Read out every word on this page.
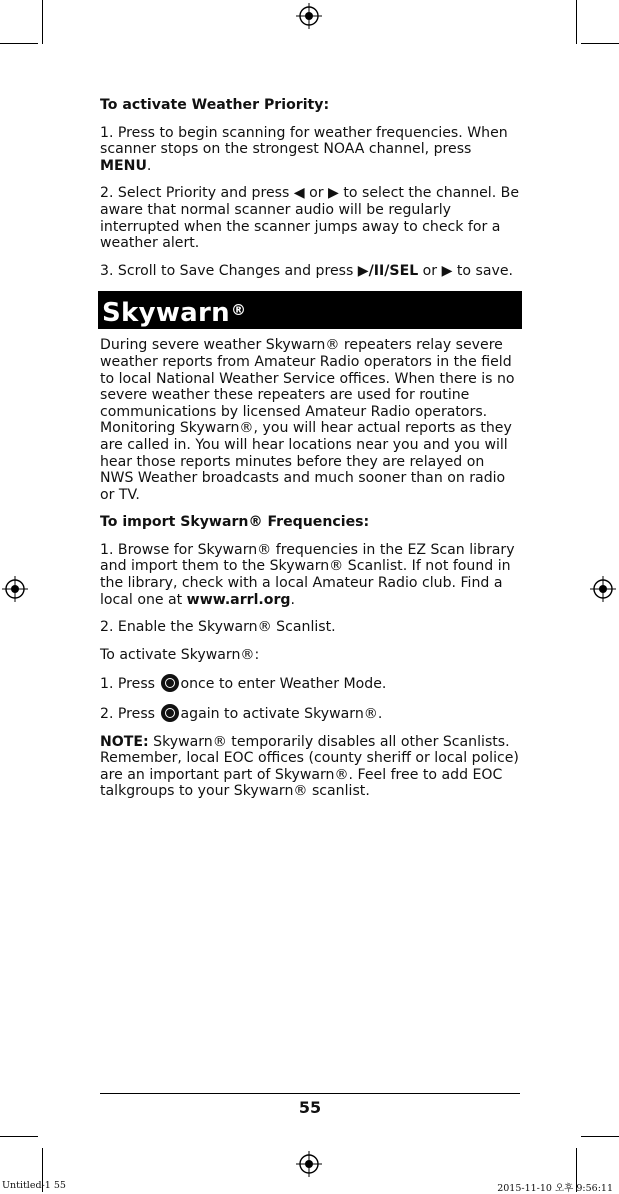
To activate Weather Priority:

1. Press to begin scanning for weather frequencies. When scanner stops on the strongest NOAA channel, press MENU.

2. Select Priority and press ◀ or ▶ to select the channel. Be aware that normal scanner audio will be regularly interrupted when the scanner jumps away to check for a weather alert.

3. Scroll to Save Changes and press ▶/II/SEL or ▶ to save.

Skywarn®

During severe weather Skywarn® repeaters relay severe weather reports from Amateur Radio operators in the field to local National Weather Service offices. When there is no severe weather these repeaters are used for routine communications by licensed Amateur Radio operators. Monitoring Skywarn®, you will hear actual reports as they are called in. You will hear locations near you and you will hear those reports minutes before they are relayed on NWS Weather broadcasts and much sooner than on radio or TV.

To import Skywarn® Frequencies:

1. Browse for Skywarn® frequencies in the EZ Scan library and import them to the Skywarn® Scanlist. If not found in the library, check with a local Amateur Radio club. Find a local one at www.arrl.org.

2. Enable the Skywarn® Scanlist.

To activate Skywarn®:

1. Press once to enter Weather Mode.

2. Press again to activate Skywarn®.

NOTE: Skywarn® temporarily disables all other Scanlists. Remember, local EOC offices (county sheriff or local police) are an important part of Skywarn®. Feel free to add EOC talkgroups to your Skywarn® scanlist.

55
Untitled-1 55	2015-11-10 오후 9:56:11
